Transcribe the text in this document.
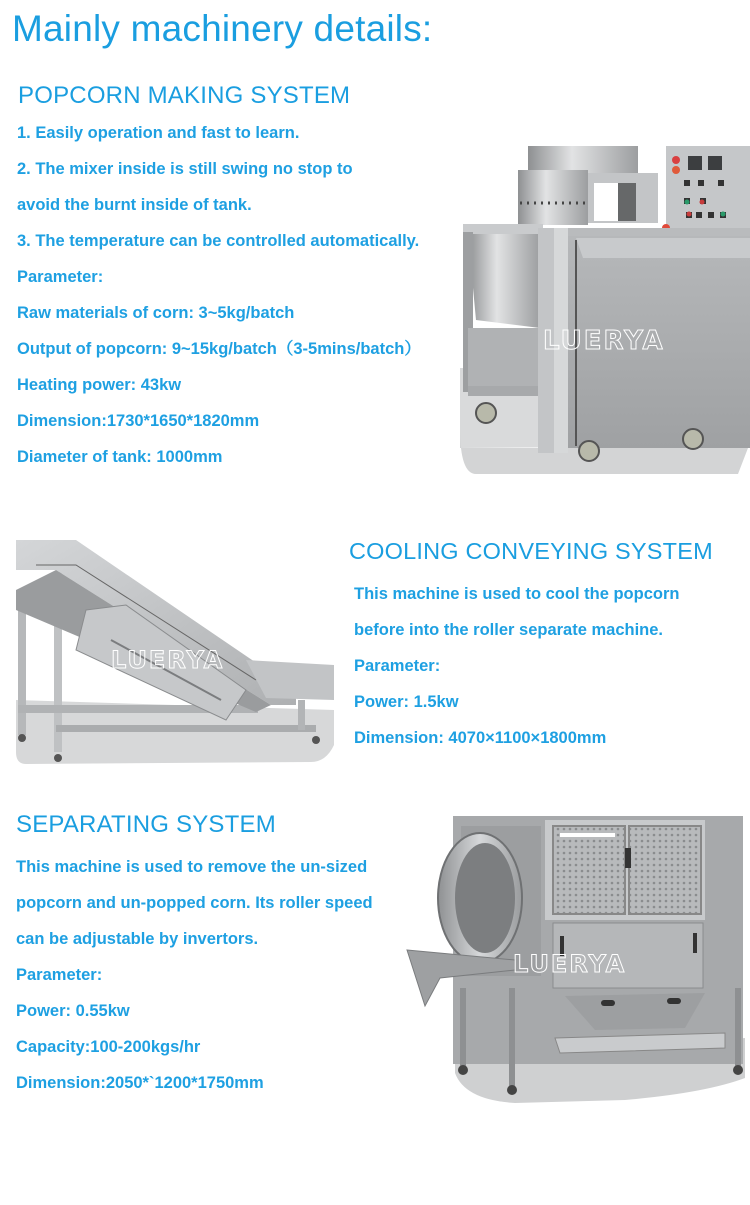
Mainly machinery details:
POPCORN MAKING SYSTEM
1. Easily operation and fast to learn.
2. The mixer inside is still swing no stop to
avoid the burnt inside of tank.
3. The temperature can be controlled automatically.
Parameter:
Raw materials of corn: 3~5kg/batch
Output of popcorn: 9~15kg/batch（3-5mins/batch）
Heating power: 43kw
Dimension:1730*1650*1820mm
Diameter of tank: 1000mm
LUERYA
LUERYA
COOLING CONVEYING SYSTEM
This machine is used to cool the popcorn
before into the roller separate machine.
Parameter:
Power: 1.5kw
Dimension: 4070×1100×1800mm
SEPARATING SYSTEM
This machine is used to remove the un-sized
popcorn and un-popped corn. Its roller speed
can be adjustable by invertors.
Parameter:
Power: 0.55kw
Capacity:100-200kgs/hr
Dimension:2050*`1200*1750mm
LUERYA
